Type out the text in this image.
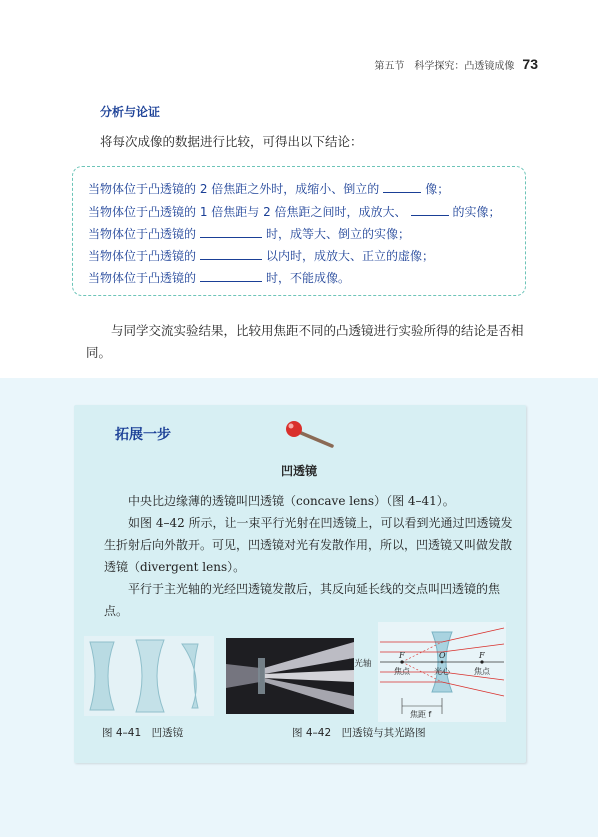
第五节　科学探究：凸透镜成像 73
分析与论证
将每次成像的数据进行比较，可得出以下结论：
当物体位于凸透镜的 2 倍焦距之外时，成缩小、倒立的	像；
当物体位于凸透镜的 1 倍焦距与 2 倍焦距之间时，成放大、	的实像；
当物体位于凸透镜的	时，成等大、倒立的实像；
当物体位于凸透镜的	以内时，成放大、正立的虚像；
当物体位于凸透镜的	时，不能成像。
与同学交流实验结果，比较用焦距不同的凸透镜进行实验所得的结论是否相同。
拓展一步
凹透镜
中央比边缘薄的透镜叫凹透镜（concave lens）（图 4–41）。
如图 4–42 所示，让一束平行光射在凹透镜上，可以看到光通过凹透镜发生折射后向外散开。可见，凹透镜对光有发散作用，所以，凹透镜又叫做发散透镜（divergent lens）。
平行于主光轴的光经凹透镜发散后，其反向延长线的交点叫凹透镜的焦点。
主光轴
F
焦点
O
光心
F
焦点
焦距 f
图 4–41　凹透镜	图 4–42　凹透镜与其光路图
